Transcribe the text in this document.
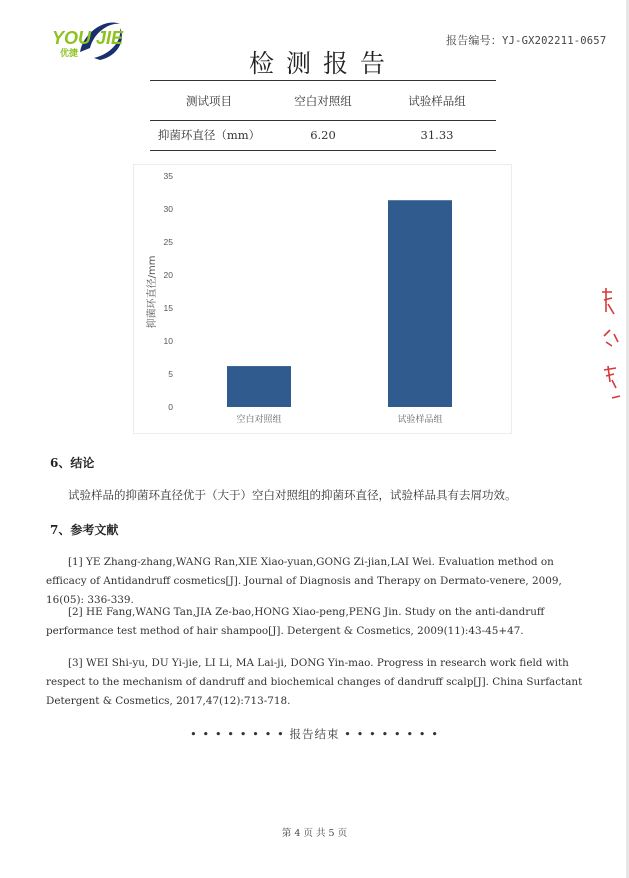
YOU JIE
优捷
报告编号：YJ-GX202211-0657
检测报告
测试项目	空白对照组	试验样品组
抑菌环直径（mm）	6.20	31.33
抑菌环直径/mm
0
5
10
15
20
25
30
35
空白对照组	试验样品组
6、结论
试验样品的抑菌环直径优于（大于）空白对照组的抑菌环直径，试验样品具有去屑功效。
7、参考文献

[1] YE Zhang-zhang,WANG Ran,XIE Xiao-yuan,GONG Zi-jian,LAI Wei. Evaluation method on efficacy of Antidandruff cosmetics[J]. Journal of Diagnosis and Therapy on Dermato-venere, 2009, 16(05): 336-339.

[2] HE Fang,WANG Tan,JIA Ze-bao,HONG Xiao-peng,PENG Jin. Study on the anti-dandruff performance test method of hair shampoo[J]. Detergent & Cosmetics, 2009(11):43-45+47.

[3] WEI Shi-yu, DU Yi-jie, LI Li, MA Lai-ji, DONG Yin-mao. Progress in research work field with respect to the mechanism of dandruff and biochemical changes of dandruff scalp[J]. China Surfactant Detergent & Cosmetics, 2017,47(12):713-718.

• • • • • • • • 报告结束 • • • • • • • •
第 4 页 共 5 页
